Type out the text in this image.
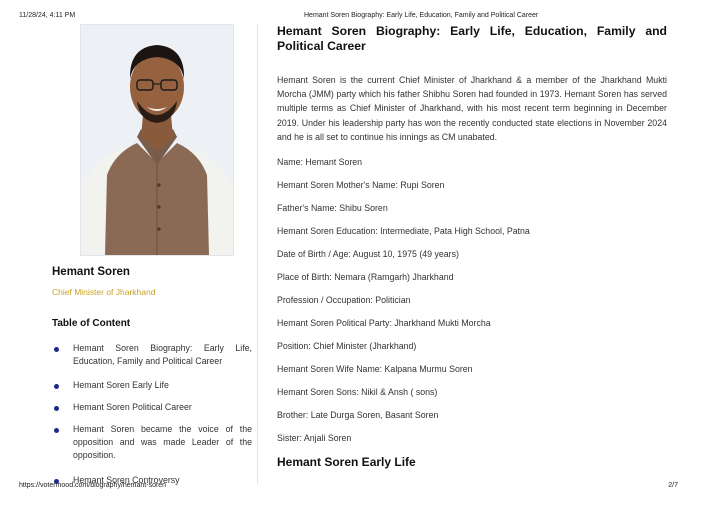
11/28/24, 4:11 PM	Hemant Soren Biography: Early Life, Education, Family and Political Career
Hemant Soren
Chief Minister of Jharkhand
Table of Content
Hemant Soren Biography: Early Life, Education, Family and Political Career
Hemant Soren Early Life
Hemant Soren Political Career
Hemant Soren became the voice of the opposition and was made Leader of the opposition.
Hemant Soren Controversy
Hemant Soren Biography: Early Life, Education, Family and Political Career

Hemant Soren is the current Chief Minister of Jharkhand & a member of the Jharkhand Mukti Morcha (JMM) party which his father Shibhu Soren had founded in 1973. Hemant Soren has served multiple terms as Chief Minister of Jharkhand, with his most recent term beginning in December 2019. Under his leadership party has won the recently conducted state elections in November 2024 and he is all set to continue his innings as CM unabated.

Name: Hemant Soren
Hemant Soren Mother's Name: Rupi Soren
Father's Name: Shibu Soren
Hemant Soren Education: Intermediate, Pata High School, Patna
Date of Birth / Age: August 10, 1975 (49 years)
Place of Birth: Nemara (Ramgarh) Jharkhand
Profession / Occupation: Politician
Hemant Soren Political Party: Jharkhand Mukti Morcha
Position: Chief Minister (Jharkhand)
Hemant Soren Wife Name: Kalpana Murmu Soren
Hemant Soren Sons: Nikil & Ansh ( sons)
Brother: Late Durga Soren, Basant Soren
Sister: Anjali Soren
Hemant Soren Early Life
https://votermood.com/biography/hemant-soren	2/7
